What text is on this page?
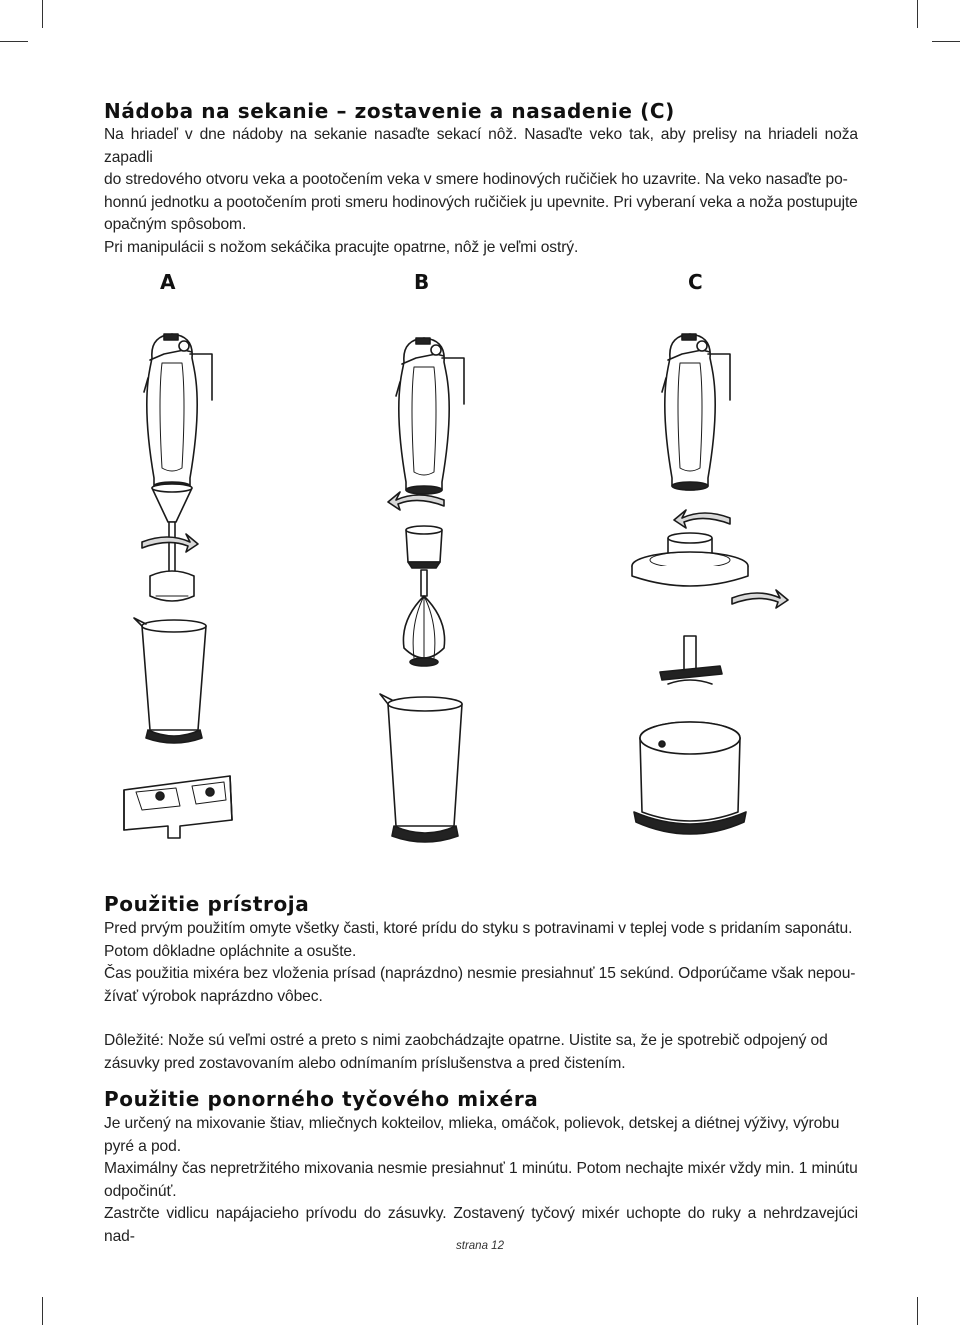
Nádoba na sekanie – zostavenie a nasadenie (C)

Na hriadeľ v dne nádoby na sekanie nasaďte sekací nôž. Nasaďte veko tak, aby prelisy na hriadeli noža zapadli

do stredového otvoru veka a pootočením veka v smere hodinových ručičiek ho uzavrite. Na veko nasaďte po-

honnú jednotku a pootočením proti smeru hodinových ručičiek ju upevnite. Pri vyberaní veka a noža postupujte

opačným spôsobom.

Pri manipulácii s nožom sekáčika pracujte opatrne, nôž je veľmi ostrý.

A	B	C
Použitie prístroja

Pred prvým použitím omyte všetky časti, ktoré prídu do styku s potravinami v teplej vode s pridaním saponátu.

Potom dôkladne opláchnite a osušte.

Čas použitia mixéra bez vloženia prísad (naprázdno) nesmie presiahnuť 15 sekúnd. Odporúčame však nepou-

žívať výrobok naprázdno vôbec.

Dôležité: Nože sú veľmi ostré a preto s nimi zaobchádzajte opatrne. Uistite sa, že je spotrebič odpojený od

zásuvky pred zostavovaním alebo odnímaním príslušenstva a pred čistením.

Použitie ponorného tyčového mixéra

Je určený na mixovanie štiav, mliečnych kokteilov, mlieka, omáčok, polievok, detskej a diétnej výživy, výrobu

pyré a pod.

Maximálny čas nepretržitého mixovania nesmie presiahnuť 1 minútu. Potom nechajte mixér vždy min. 1 minútu

odpočinúť.

Zastrčte vidlicu napájacieho prívodu do zásuvky. Zostavený tyčový mixér uchopte do ruky a nehrdzavejúci nad-

strana 12
